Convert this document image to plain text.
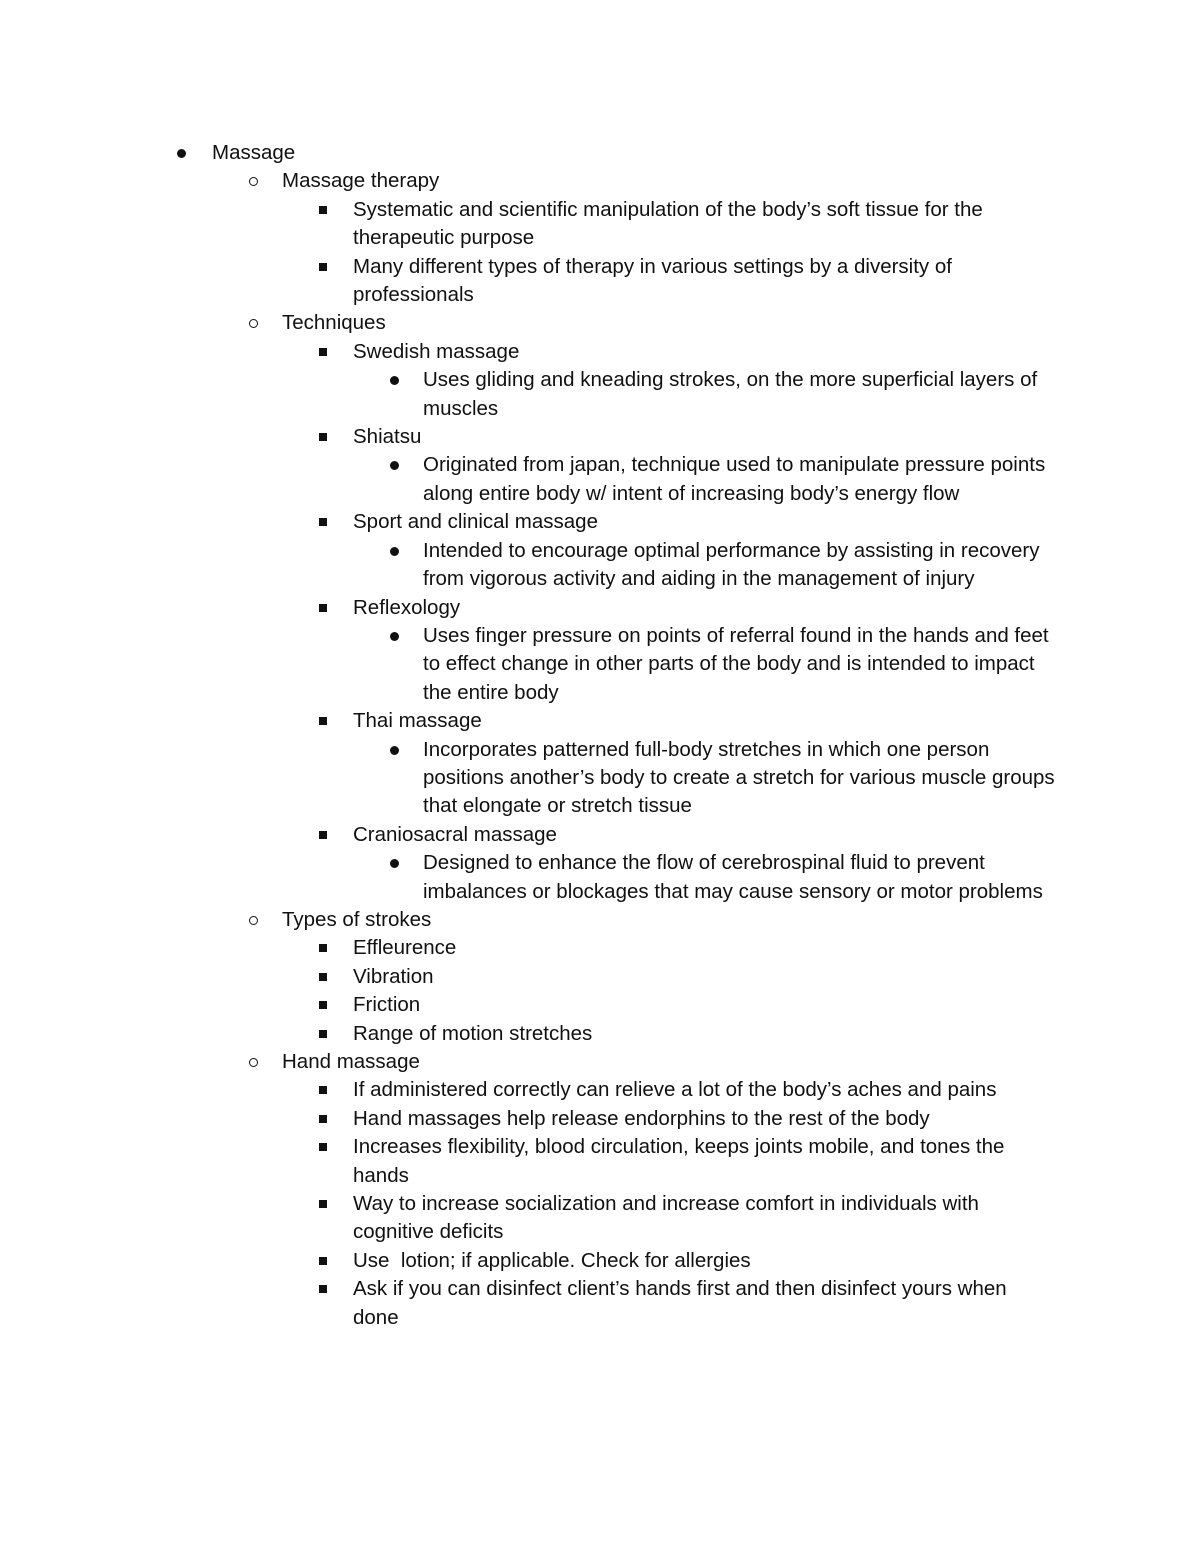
Massage
Massage therapy
Systematic and scientific manipulation of the body’s soft tissue for the therapeutic purpose
Many different types of therapy in various settings by a diversity of professionals
Techniques
Swedish massage
Uses gliding and kneading strokes, on the more superficial layers of muscles
Shiatsu
Originated from japan, technique used to manipulate pressure points along entire body w/ intent of increasing body’s energy flow
Sport and clinical massage
Intended to encourage optimal performance by assisting in recovery from vigorous activity and aiding in the management of injury
Reflexology
Uses finger pressure on points of referral found in the hands and feet to effect change in other parts of the body and is intended to impact the entire body
Thai massage
Incorporates patterned full-body stretches in which one person positions another’s body to create a stretch for various muscle groups that elongate or stretch tissue
Craniosacral massage
Designed to enhance the flow of cerebrospinal fluid to prevent imbalances or blockages that may cause sensory or motor problems
Types of strokes
Effleurence
Vibration
Friction
Range of motion stretches
Hand massage
If administered correctly can relieve a lot of the body’s aches and pains
Hand massages help release endorphins to the rest of the body
Increases flexibility, blood circulation, keeps joints mobile, and tones the hands
Way to increase socialization and increase comfort in individuals with cognitive deficits
Use  lotion; if applicable. Check for allergies
Ask if you can disinfect client’s hands first and then disinfect yours when done
